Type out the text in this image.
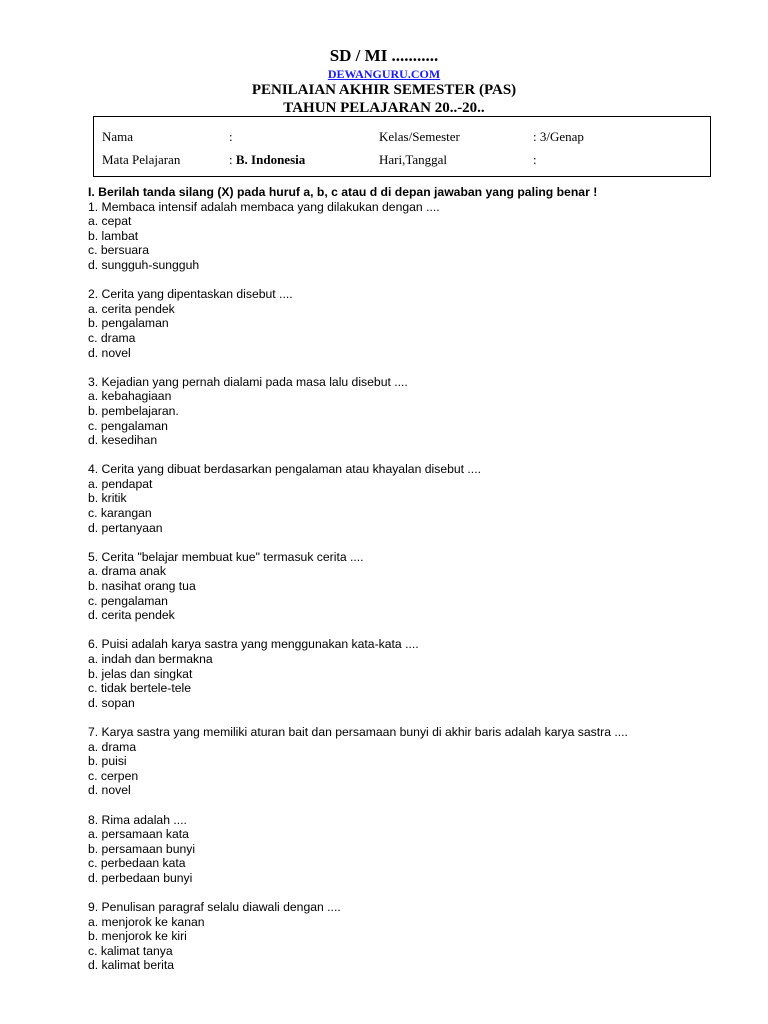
SD / MI ...........
DEWANGURU.COM
PENILAIAN AKHIR SEMESTER (PAS)
TAHUN PELAJARAN 20..-20..
Nama	:	Kelas/Semester	: 3/Genap
Mata Pelajaran	: B. Indonesia	Hari,Tanggal	:
I. Berilah tanda silang (X) pada huruf a, b, c atau d di depan jawaban yang paling benar !
1. Membaca intensif adalah membaca yang dilakukan dengan ....
a. cepat
b. lambat
c. bersuara
d. sungguh-sungguh
2. Cerita yang dipentaskan disebut ....
a. cerita pendek
b. pengalaman
c. drama
d. novel
3. Kejadian yang pernah dialami pada masa lalu disebut ....
a. kebahagiaan
b. pembelajaran.
c. pengalaman
d. kesedihan
4. Cerita yang dibuat berdasarkan pengalaman atau khayalan disebut ....
a. pendapat
b. kritik
c. karangan
d. pertanyaan
5. Cerita "belajar membuat kue" termasuk cerita ....
a. drama anak
b. nasihat orang tua
c. pengalaman
d. cerita pendek
6. Puisi adalah karya sastra yang menggunakan kata-kata ....
a. indah dan bermakna
b. jelas dan singkat
c. tidak bertele-tele
d. sopan
7. Karya sastra yang memiliki aturan bait dan persamaan bunyi di akhir baris adalah karya sastra ....
a. drama
b. puisi
c. cerpen
d. novel
8. Rima adalah ....
a. persamaan kata
b. persamaan bunyi
c. perbedaan kata
d. perbedaan bunyi
9. Penulisan paragraf selalu diawali dengan ....
a. menjorok ke kanan
b. menjorok ke kiri
c. kalimat tanya
d. kalimat berita
